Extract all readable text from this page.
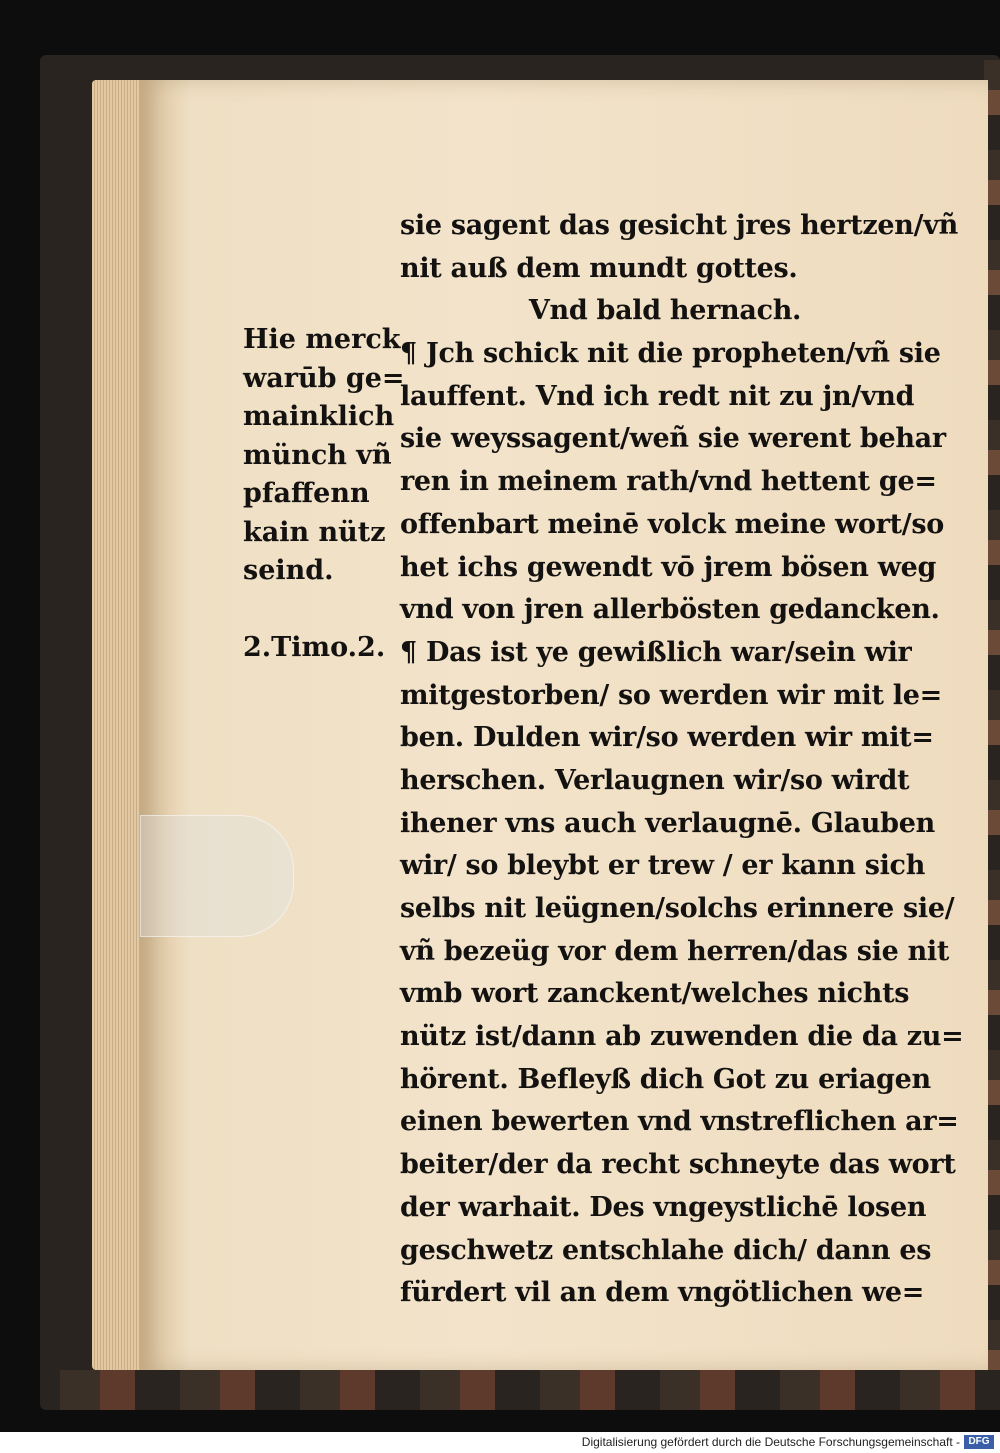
Hie merck
warūb ge=
mainklich
münch vñ
pfaffenn
kain nütz
seind.
2.Timo.2.
sie sagent das gesicht jres hertzen/vñ
nit auß dem mundt gottes.
Vnd bald hernach.
¶ Jch schick nit die propheten/vñ sie
lauffent. Vnd ich redt nit zu jn/vnd
sie weyssagent/weñ sie werent behar
ren in meinem rath/vnd hettent ge=
offenbart meinē volck meine wort/so
het ichs gewendt vō jrem bösen weg
vnd von jren allerbösten gedancken.
¶ Das ist ye gewißlich war/sein wir
mitgestorben/ so werden wir mit le=
ben. Dulden wir/so werden wir mit=
herschen. Verlaugnen wir/so wirdt
ihener vns auch verlaugnē. Glauben
wir/ so bleybt er trew / er kann sich
selbs nit leügnen/solchs erinnere sie/
vñ bezeüg vor dem herren/das sie nit
vmb wort zanckent/welches nichts
nütz ist/dann ab zuwenden die da zu=
hörent. Befleyß dich Got zu eriagen
einen bewerten vnd vnstreflichen ar=
beiter/der da recht schneyte das wort
der warhait. Des vngeystlichē losen
geschwetz entschlahe dich/ dann es
fürdert vil an dem vngötlichen we=
Digitalisierung gefördert durch die Deutsche Forschungsgemeinschaft - DFG
